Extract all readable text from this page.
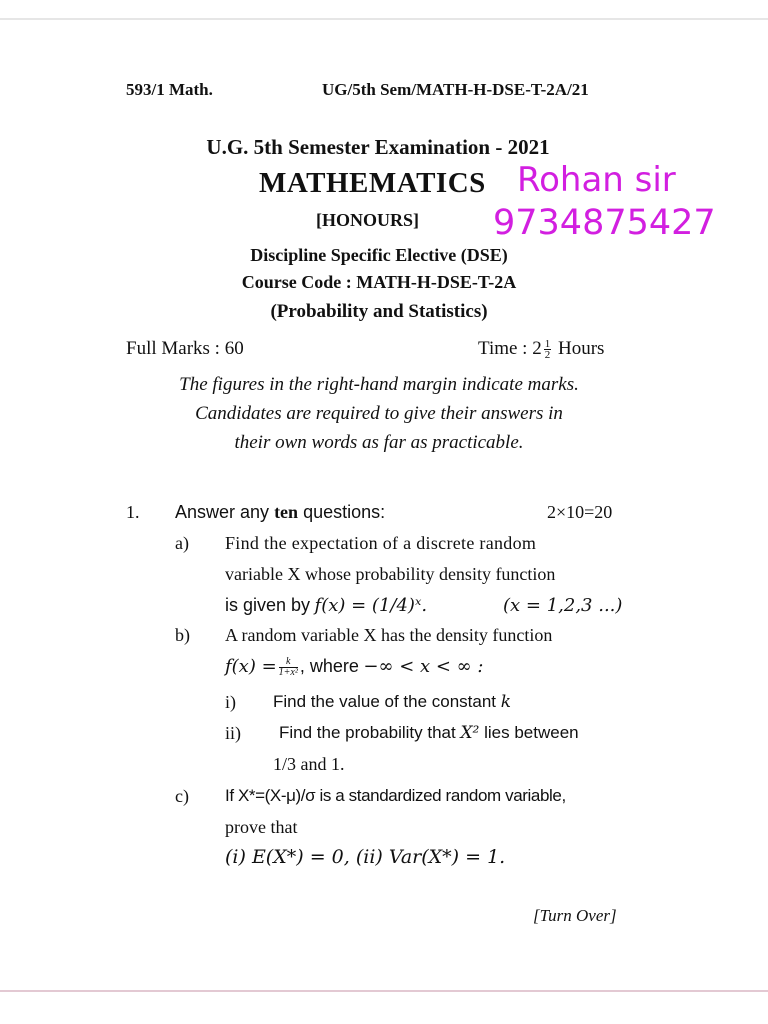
593/1 Math.	UG/5th Sem/MATH-H-DSE-T-2A/21
U.G. 5th Semester Examination - 2021
MATHEMATICS Rohan sir
[HONOURS] 9734875427
Discipline Specific Elective (DSE)
Course Code : MATH-H-DSE-T-2A
(Probability and Statistics)
Full Marks : 60	Time : $2 \frac{1}{2}$ Hours
The figures in the right-hand margin indicate marks.
Candidates are required to give their answers in
their own words as far as practicable.
1. Answer any ten questions:	2×10=20
a) Find the expectation of a discrete random
variable X whose probability density function
is given by f(x) = (1/4)ˣ.	(x = 1,2,3 ...)
b) A random variable X has the density function
$f(x) = \frac{k}{\text{1+x²}}$ , where −∞ < x < ∞ :
i) Find the value of the constant k
ii) Find the probability that X² lies between
1/3 and 1.
c) If X*=(X-μ)/σ is a standardized random variable,
prove that
(i) E(X*) = 0, (ii) Var(X*) = 1.
[Turn Over]
